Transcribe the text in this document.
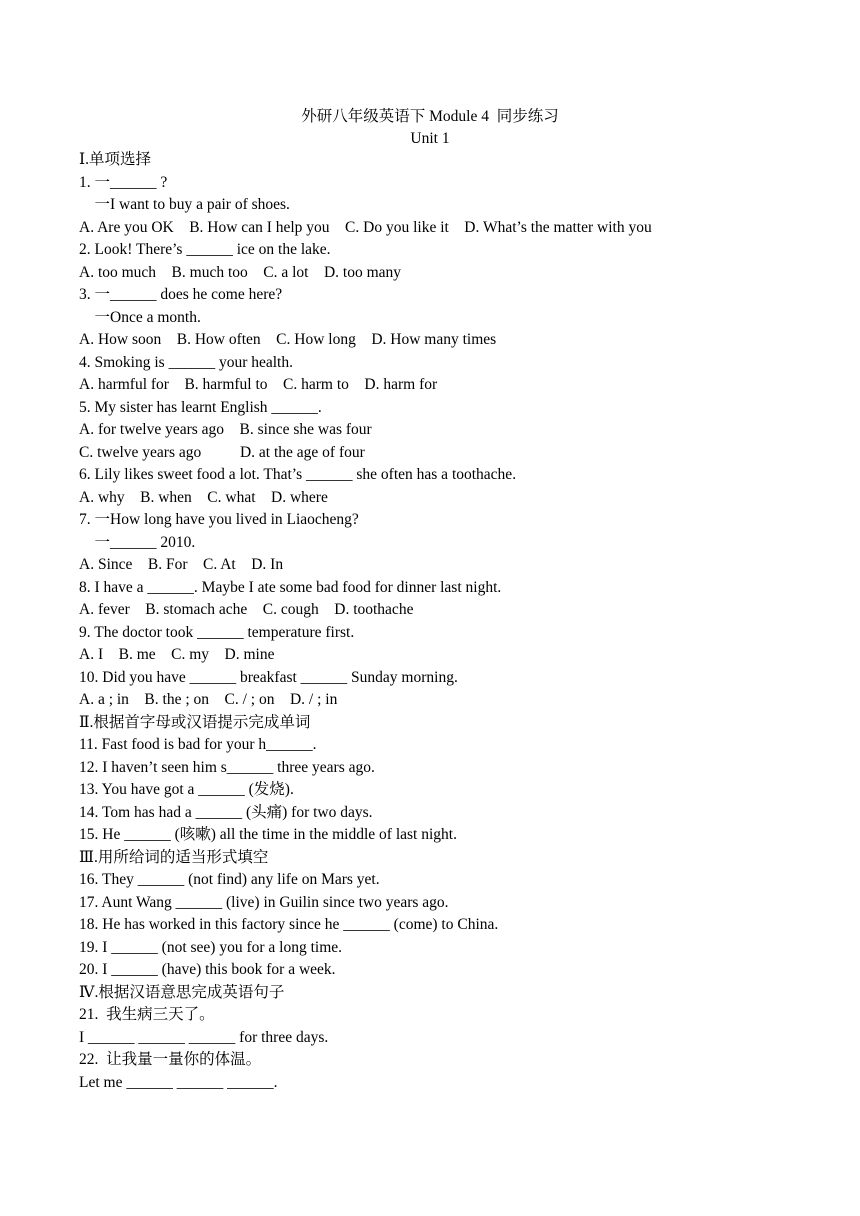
外研八年级英语下 Module 4  同步练习
Unit 1
Ⅰ.单项选择
1. 一______ ?
一I want to buy a pair of shoes.
A. Are you OK    B. How can I help you    C. Do you like it    D. What’s the matter with you
2. Look! There’s ______ ice on the lake.
A. too much    B. much too    C. a lot    D. too many
3. 一______ does he come here?
一Once a month.
A. How soon    B. How often    C. How long    D. How many times
4. Smoking is ______ your health.
A. harmful for    B. harmful to    C. harm to    D. harm for
5. My sister has learnt English ______.
A. for twelve years ago    B. since she was four
C. twelve years ago          D. at the age of four
6. Lily likes sweet food a lot. That’s ______ she often has a toothache.
A. why    B. when    C. what    D. where
7. 一How long have you lived in Liaocheng?
一______ 2010.
A. Since    B. For    C. At    D. In
8. I have a ______. Maybe I ate some bad food for dinner last night.
A. fever    B. stomach ache    C. cough    D. toothache
9. The doctor took ______ temperature first.
A. I    B. me    C. my    D. mine
10. Did you have ______ breakfast ______ Sunday morning.
A. a ; in    B. the ; on    C. / ; on    D. / ; in
Ⅱ.根据首字母或汉语提示完成单词
11. Fast food is bad for your h______.
12. I haven’t seen him s______ three years ago.
13. You have got a ______ (发烧).
14. Tom has had a ______ (头痛) for two days.
15. He ______ (咳嗽) all the time in the middle of last night.
Ⅲ.用所给词的适当形式填空
16. They ______ (not find) any life on Mars yet.
17. Aunt Wang ______ (live) in Guilin since two years ago.
18. He has worked in this factory since he ______ (come) to China.
19. I ______ (not see) you for a long time.
20. I ______ (have) this book for a week.
Ⅳ.根据汉语意思完成英语句子
21.  我生病三天了。
I ______ ______ ______ for three days.
22.  让我量一量你的体温。
Let me ______ ______ ______.
